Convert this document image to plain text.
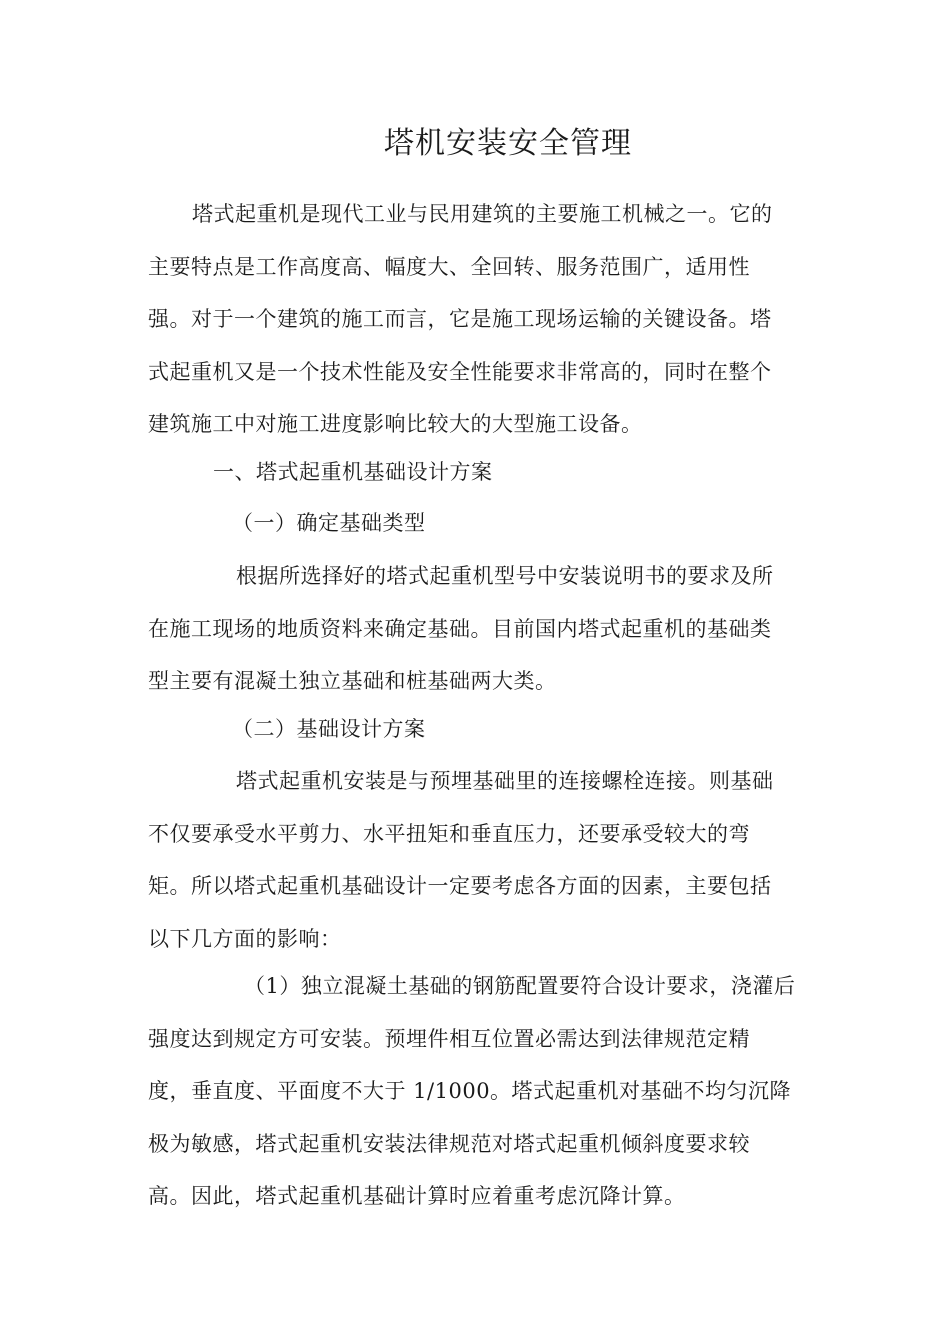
塔机安装安全管理
塔式起重机是现代工业与民用建筑的主要施工机械之一。它的
主要特点是工作高度高、幅度大、全回转、服务范围广，适用性
强。对于一个建筑的施工而言，它是施工现场运输的关键设备。塔
式起重机又是一个技术性能及安全性能要求非常高的，同时在整个
建筑施工中对施工进度影响比较大的大型施工设备。
一、塔式起重机基础设计方案
（一）确定基础类型
根据所选择好的塔式起重机型号中安装说明书的要求及所
在施工现场的地质资料来确定基础。目前国内塔式起重机的基础类
型主要有混凝土独立基础和桩基础两大类。
（二）基础设计方案
塔式起重机安装是与预埋基础里的连接螺栓连接。则基础
不仅要承受水平剪力、水平扭矩和垂直压力，还要承受较大的弯
矩。所以塔式起重机基础设计一定要考虑各方面的因素，主要包括
以下几方面的影响：
（1）独立混凝土基础的钢筋配置要符合设计要求，浇灌后
强度达到规定方可安装。预埋件相互位置必需达到法律规范定精
度，垂直度、平面度不大于 1/1000。塔式起重机对基础不均匀沉降
极为敏感，塔式起重机安装法律规范对塔式起重机倾斜度要求较
高。因此，塔式起重机基础计算时应着重考虑沉降计算。
